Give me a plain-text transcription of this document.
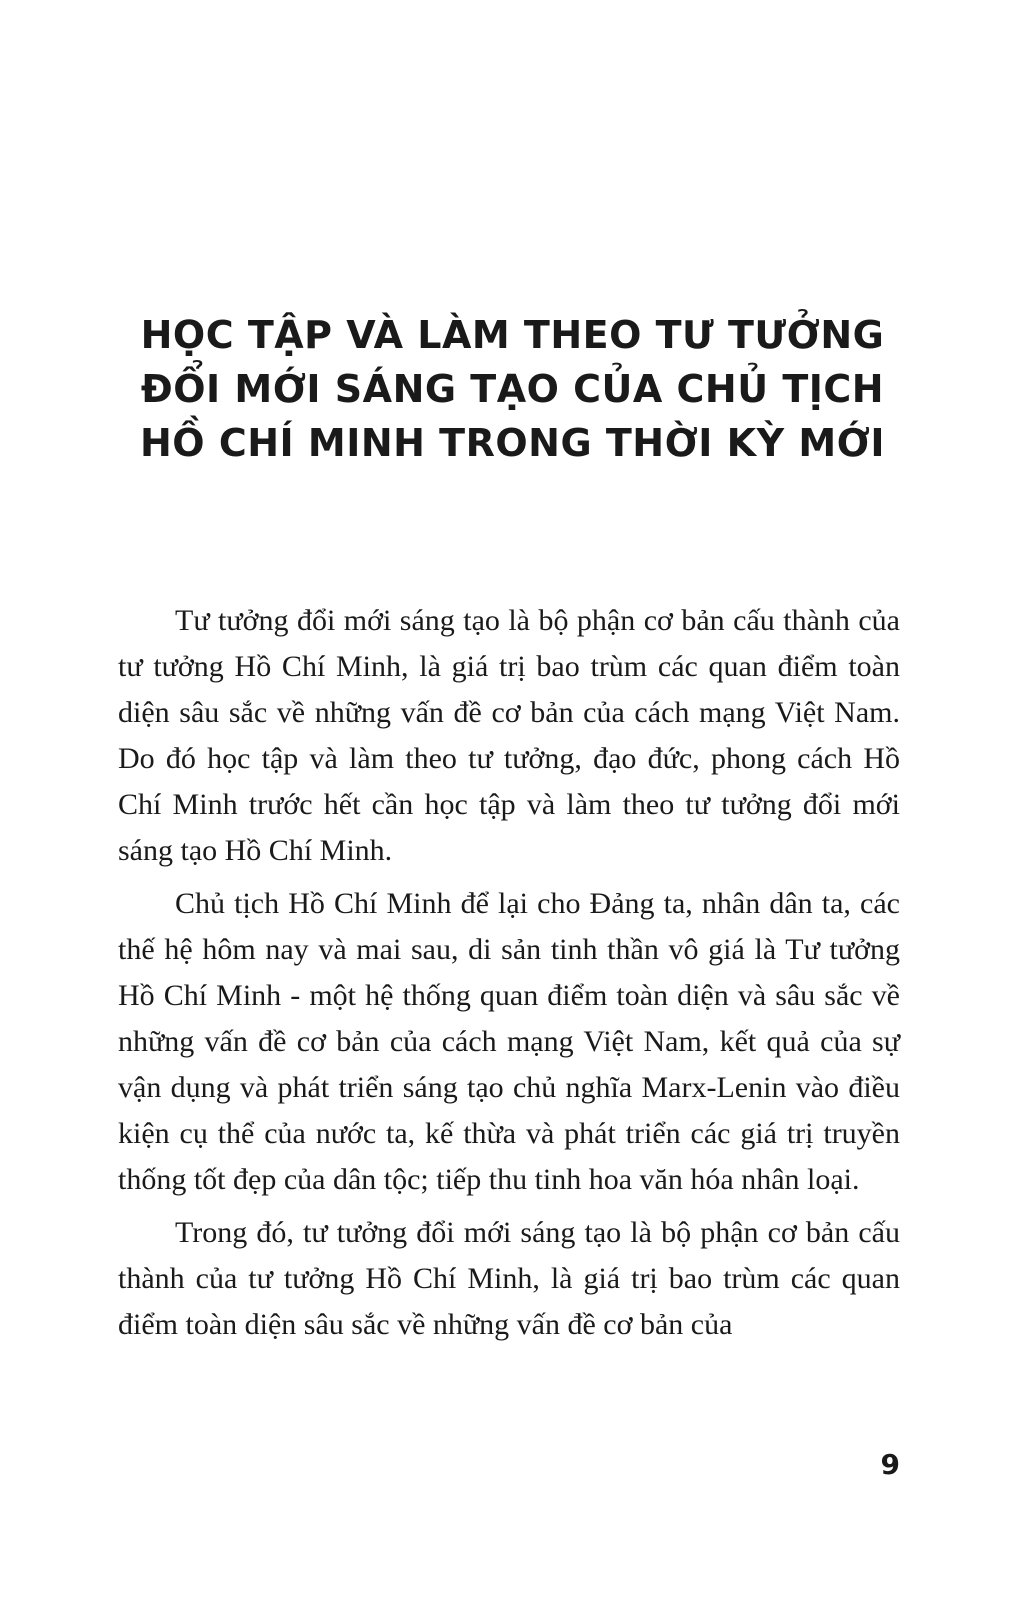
HỌC TẬP VÀ LÀM THEO TƯ TƯỞNG
ĐỔI MỚI SÁNG TẠO CỦA CHỦ TỊCH
HỒ CHÍ MINH TRONG THỜI KỲ MỚI

Tư tưởng đổi mới sáng tạo là bộ phận cơ bản cấu thành của tư tưởng Hồ Chí Minh, là giá trị bao trùm các quan điểm toàn diện sâu sắc về những vấn đề cơ bản của cách mạng Việt Nam. Do đó học tập và làm theo tư tưởng, đạo đức, phong cách Hồ Chí Minh trước hết cần học tập và làm theo tư tưởng đổi mới sáng tạo Hồ Chí Minh.

Chủ tịch Hồ Chí Minh để lại cho Đảng ta, nhân dân ta, các thế hệ hôm nay và mai sau, di sản tinh thần vô giá là Tư tưởng Hồ Chí Minh - một hệ thống quan điểm toàn diện và sâu sắc về những vấn đề cơ bản của cách mạng Việt Nam, kết quả của sự vận dụng và phát triển sáng tạo chủ nghĩa Marx-Lenin vào điều kiện cụ thể của nước ta, kế thừa và phát triển các giá trị truyền thống tốt đẹp của dân tộc; tiếp thu tinh hoa văn hóa nhân loại.

Trong đó, tư tưởng đổi mới sáng tạo là bộ phận cơ bản cấu thành của tư tưởng Hồ Chí Minh, là giá trị bao trùm các quan điểm toàn diện sâu sắc về những vấn đề cơ bản của

9
